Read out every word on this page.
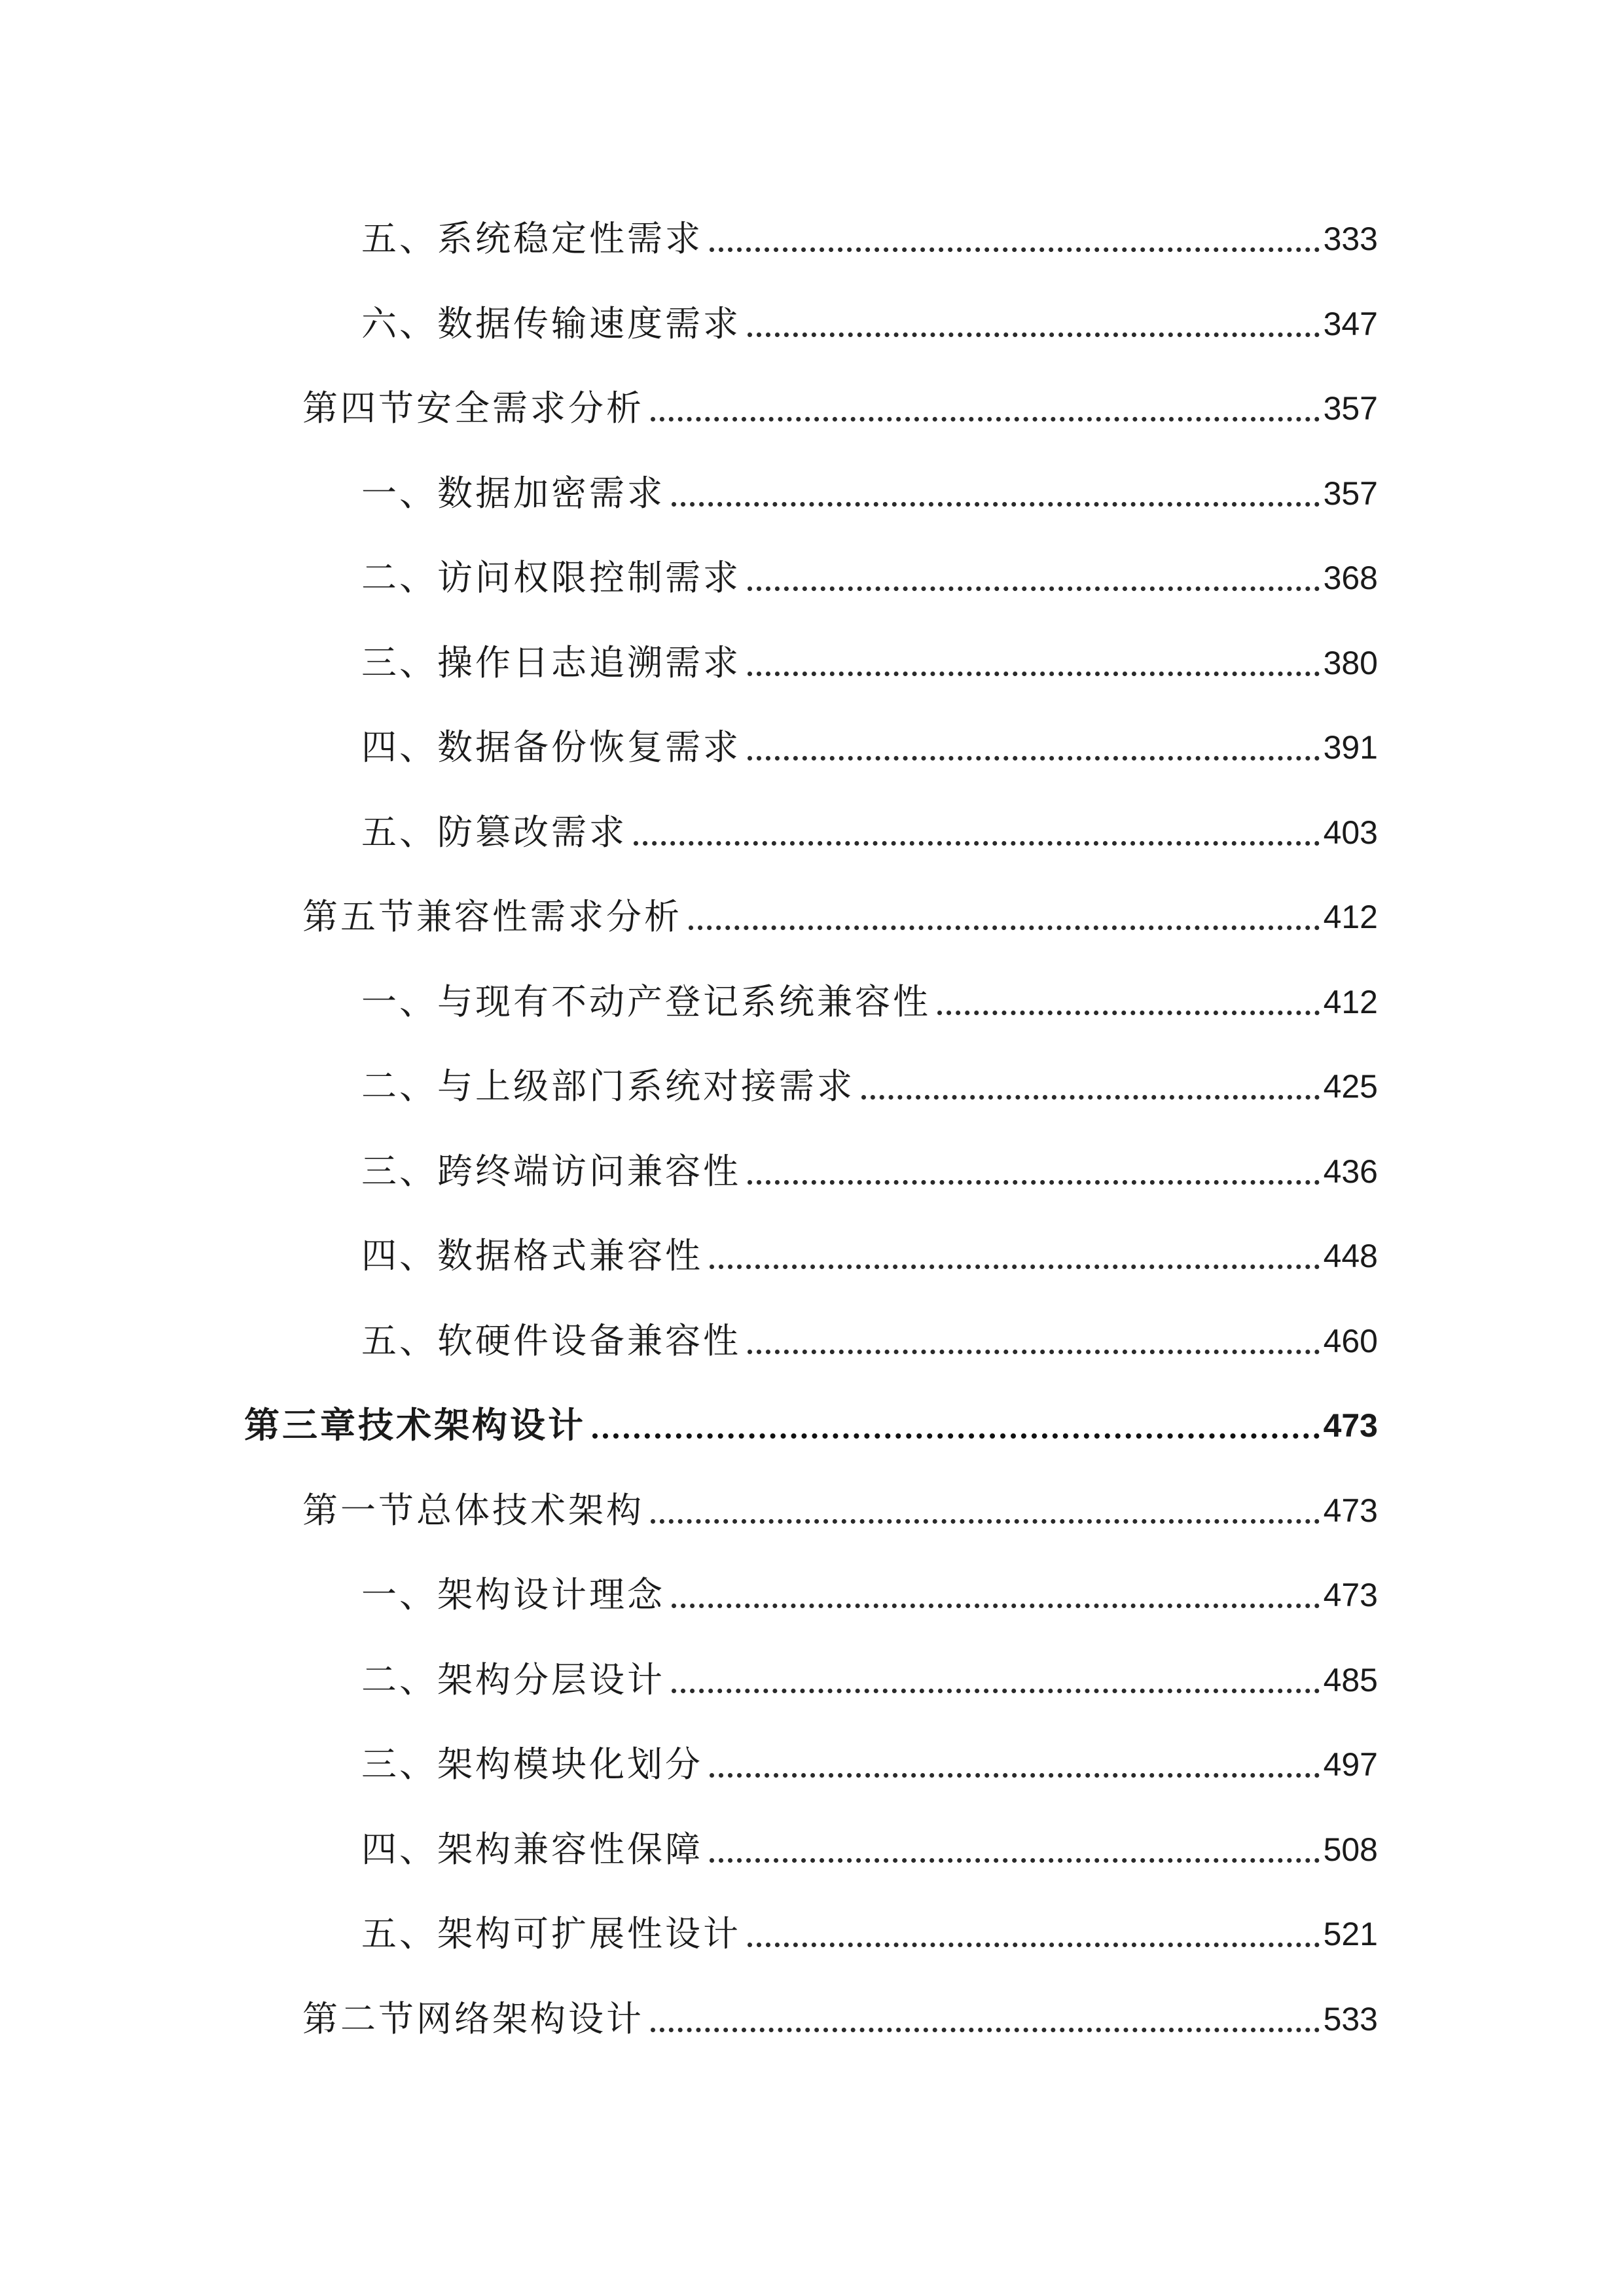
五、系统稳定性需求	333
六、数据传输速度需求	347
第四节安全需求分析	357
一、数据加密需求	357
二、访问权限控制需求	368
三、操作日志追溯需求	380
四、数据备份恢复需求	391
五、防篡改需求	403
第五节兼容性需求分析	412
一、与现有不动产登记系统兼容性	412
二、与上级部门系统对接需求	425
三、跨终端访问兼容性	436
四、数据格式兼容性	448
五、软硬件设备兼容性	460
第三章技术架构设计	473
第一节总体技术架构	473
一、架构设计理念	473
二、架构分层设计	485
三、架构模块化划分	497
四、架构兼容性保障	508
五、架构可扩展性设计	521
第二节网络架构设计	533
